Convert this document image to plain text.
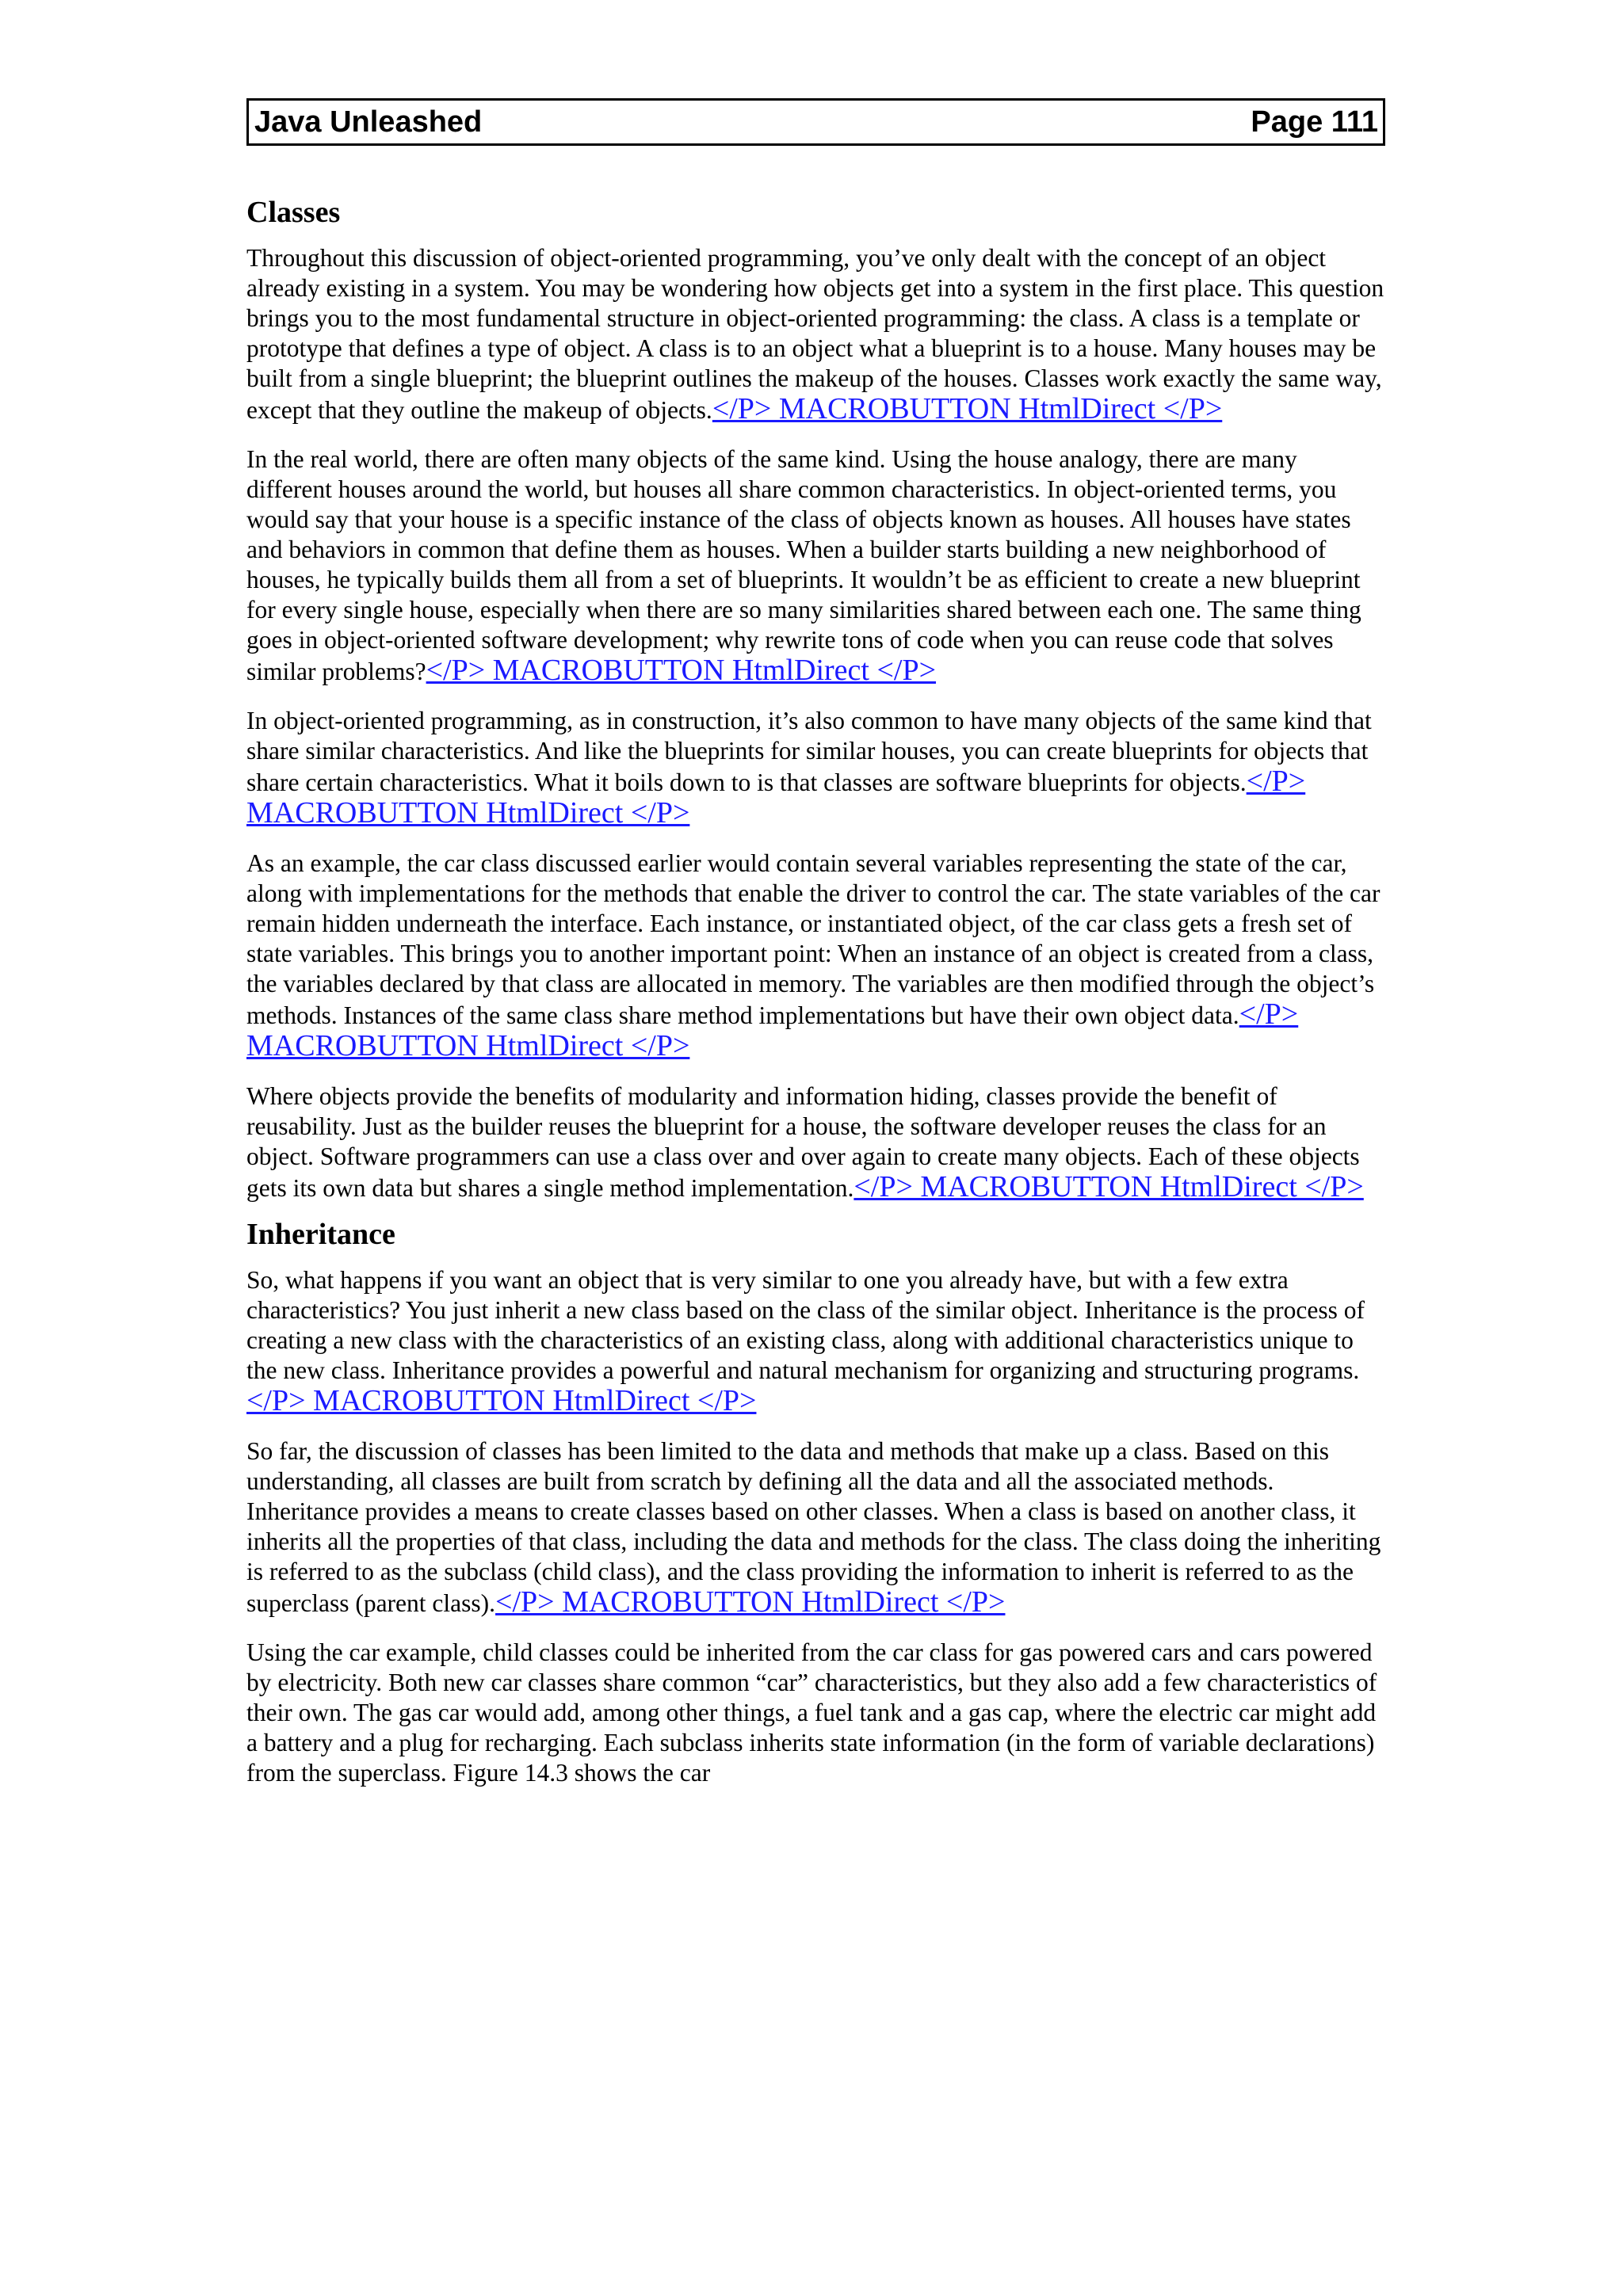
Java Unleashed	Page 111
Classes

Throughout this discussion of object-oriented programming, you’ve only dealt with the concept of an object already existing in a system. You may be wondering how objects get into a system in the first place. This question brings you to the most fundamental structure in object-oriented programming: the class. A class is a template or prototype that defines a type of object. A class is to an object what a blueprint is to a house. Many houses may be built from a single blueprint; the blueprint outlines the makeup of the houses. Classes work exactly the same way, except that they outline the makeup of objects.</P> MACROBUTTON HtmlDirect </P>

In the real world, there are often many objects of the same kind. Using the house analogy, there are many different houses around the world, but houses all share common characteristics. In object-oriented terms, you would say that your house is a specific instance of the class of objects known as houses. All houses have states and behaviors in common that define them as houses. When a builder starts building a new neighborhood of houses, he typically builds them all from a set of blueprints. It wouldn’t be as efficient to create a new blueprint for every single house, especially when there are so many similarities shared between each one. The same thing goes in object-oriented software development; why rewrite tons of code when you can reuse code that solves similar problems?</P> MACROBUTTON HtmlDirect </P>

In object-oriented programming, as in construction, it’s also common to have many objects of the same kind that share similar characteristics. And like the blueprints for similar houses, you can create blueprints for objects that share certain characteristics. What it boils down to is that classes are software blueprints for objects.</P> MACROBUTTON HtmlDirect </P>

As an example, the car class discussed earlier would contain several variables representing the state of the car, along with implementations for the methods that enable the driver to control the car. The state variables of the car remain hidden underneath the interface. Each instance, or instantiated object, of the car class gets a fresh set of state variables. This brings you to another important point: When an instance of an object is created from a class, the variables declared by that class are allocated in memory. The variables are then modified through the object’s methods. Instances of the same class share method implementations but have their own object data.</P> MACROBUTTON HtmlDirect </P>

Where objects provide the benefits of modularity and information hiding, classes provide the benefit of reusability. Just as the builder reuses the blueprint for a house, the software developer reuses the class for an object. Software programmers can use a class over and over again to create many objects. Each of these objects gets its own data but shares a single method implementation.</P> MACROBUTTON HtmlDirect </P>

Inheritance

So, what happens if you want an object that is very similar to one you already have, but with a few extra characteristics? You just inherit a new class based on the class of the similar object. Inheritance is the process of creating a new class with the characteristics of an existing class, along with additional characteristics unique to the new class. Inheritance provides a powerful and natural mechanism for organizing and structuring programs.</P> MACROBUTTON HtmlDirect </P>

So far, the discussion of classes has been limited to the data and methods that make up a class. Based on this understanding, all classes are built from scratch by defining all the data and all the associated methods. Inheritance provides a means to create classes based on other classes. When a class is based on another class, it inherits all the properties of that class, including the data and methods for the class. The class doing the inheriting is referred to as the subclass (child class), and the class providing the information to inherit is referred to as the superclass (parent class).</P> MACROBUTTON HtmlDirect </P>

Using the car example, child classes could be inherited from the car class for gas powered cars and cars powered by electricity. Both new car classes share common “car” characteristics, but they also add a few characteristics of their own. The gas car would add, among other things, a fuel tank and a gas cap, where the electric car might add a battery and a plug for recharging. Each subclass inherits state information (in the form of variable declarations) from the superclass. Figure 14.3 shows the car
